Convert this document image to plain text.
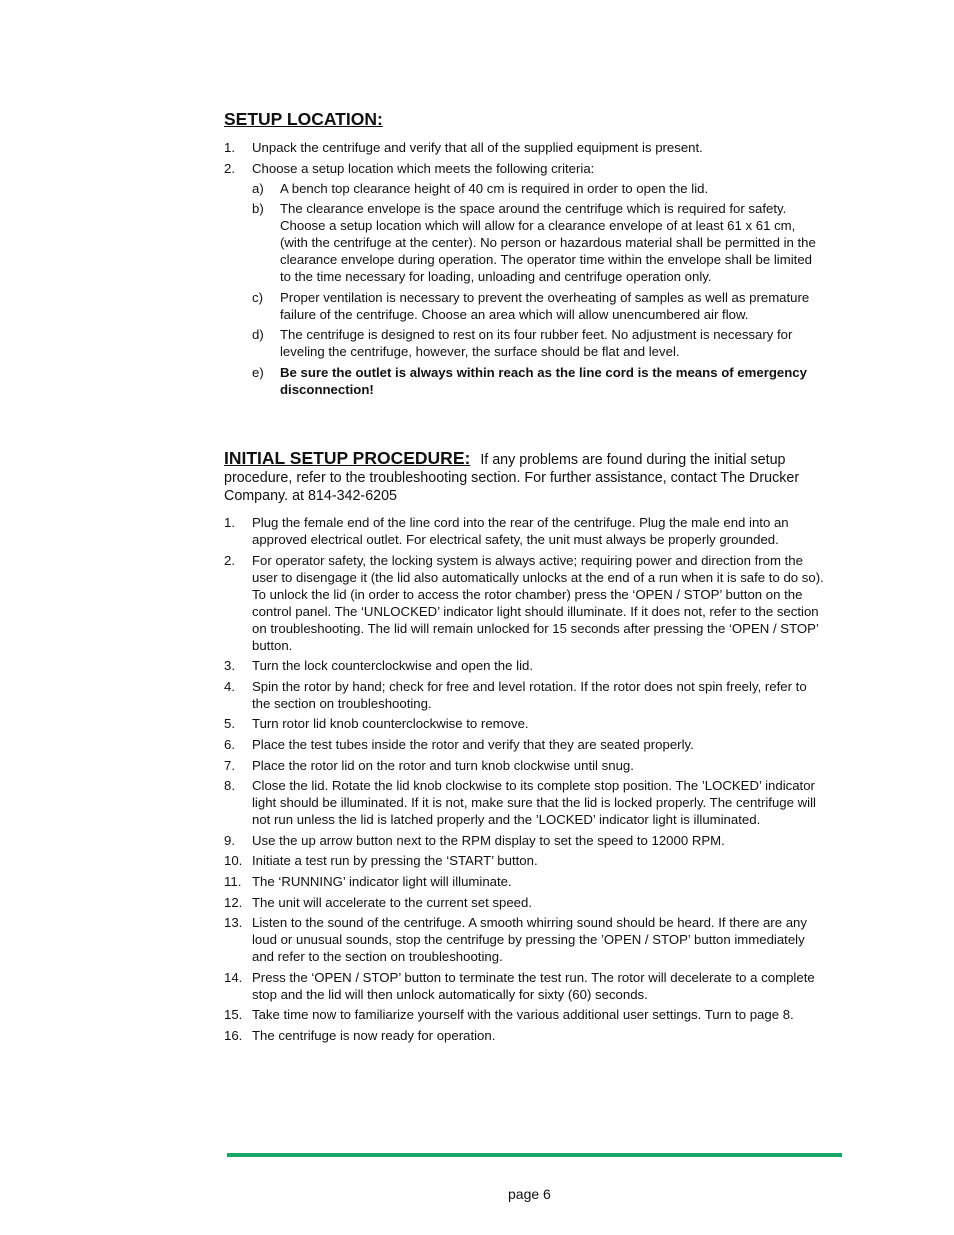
SETUP LOCATION:
1. Unpack the centrifuge and verify that all of the supplied equipment is present.
2. Choose a setup location which meets the following criteria:
a) A bench top clearance height of 40 cm is required in order to open the lid.
b) The clearance envelope is the space around the centrifuge which is required for safety. Choose a setup location which will allow for a clearance envelope of at least 61 x 61 cm, (with the centrifuge at the center). No person or hazardous material shall be permitted in the clearance envelope during operation. The operator time within the envelope shall be limited to the time necessary for loading, unloading and centrifuge operation only.
c) Proper ventilation is necessary to prevent the overheating of samples as well as premature failure of the centrifuge. Choose an area which will allow unencumbered air flow.
d) The centrifuge is designed to rest on its four rubber feet. No adjustment is necessary for leveling the centrifuge, however, the surface should be flat and level.
e) Be sure the outlet is always within reach as the line cord is the means of emergency disconnection!
INITIAL SETUP PROCEDURE: If any problems are found during the initial setup procedure, refer to the troubleshooting section. For further assistance, contact The Drucker Company. at 814-342-6205
1. Plug the female end of the line cord into the rear of the centrifuge. Plug the male end into an approved electrical outlet. For electrical safety, the unit must always be properly grounded.
2. For operator safety, the locking system is always active; requiring power and direction from the user to disengage it (the lid also automatically unlocks at the end of a run when it is safe to do so). To unlock the lid (in order to access the rotor chamber) press the ‘OPEN / STOP’ button on the control panel. The ‘UNLOCKED’ indicator light should illuminate. If it does not, refer to the section on troubleshooting. The lid will remain unlocked for 15 seconds after pressing the ‘OPEN / STOP’ button.
3. Turn the lock counterclockwise and open the lid.
4. Spin the rotor by hand; check for free and level rotation. If the rotor does not spin freely, refer to the section on troubleshooting.
5. Turn rotor lid knob counterclockwise to remove.
6. Place the test tubes inside the rotor and verify that they are seated properly.
7. Place the rotor lid on the rotor and turn knob clockwise until snug.
8. Close the lid. Rotate the lid knob clockwise to its complete stop position. The ’LOCKED’ indicator light should be illuminated. If it is not, make sure that the lid is locked properly. The centrifuge will not run unless the lid is latched properly and the ’LOCKED’ indicator light is illuminated.
9. Use the up arrow button next to the RPM display to set the speed to 12000 RPM.
10. Initiate a test run by pressing the ‘START’ button.
11. The ‘RUNNING’ indicator light will illuminate.
12. The unit will accelerate to the current set speed.
13. Listen to the sound of the centrifuge. A smooth whirring sound should be heard. If there are any loud or unusual sounds, stop the centrifuge by pressing the ’OPEN / STOP’ button immediately and refer to the section on troubleshooting.
14. Press the ‘OPEN / STOP’ button to terminate the test run. The rotor will decelerate to a complete stop and the lid will then unlock automatically for sixty (60) seconds.
15. Take time now to familiarize yourself with the various additional user settings. Turn to page 8.
16. The centrifuge is now ready for operation.
page 6
